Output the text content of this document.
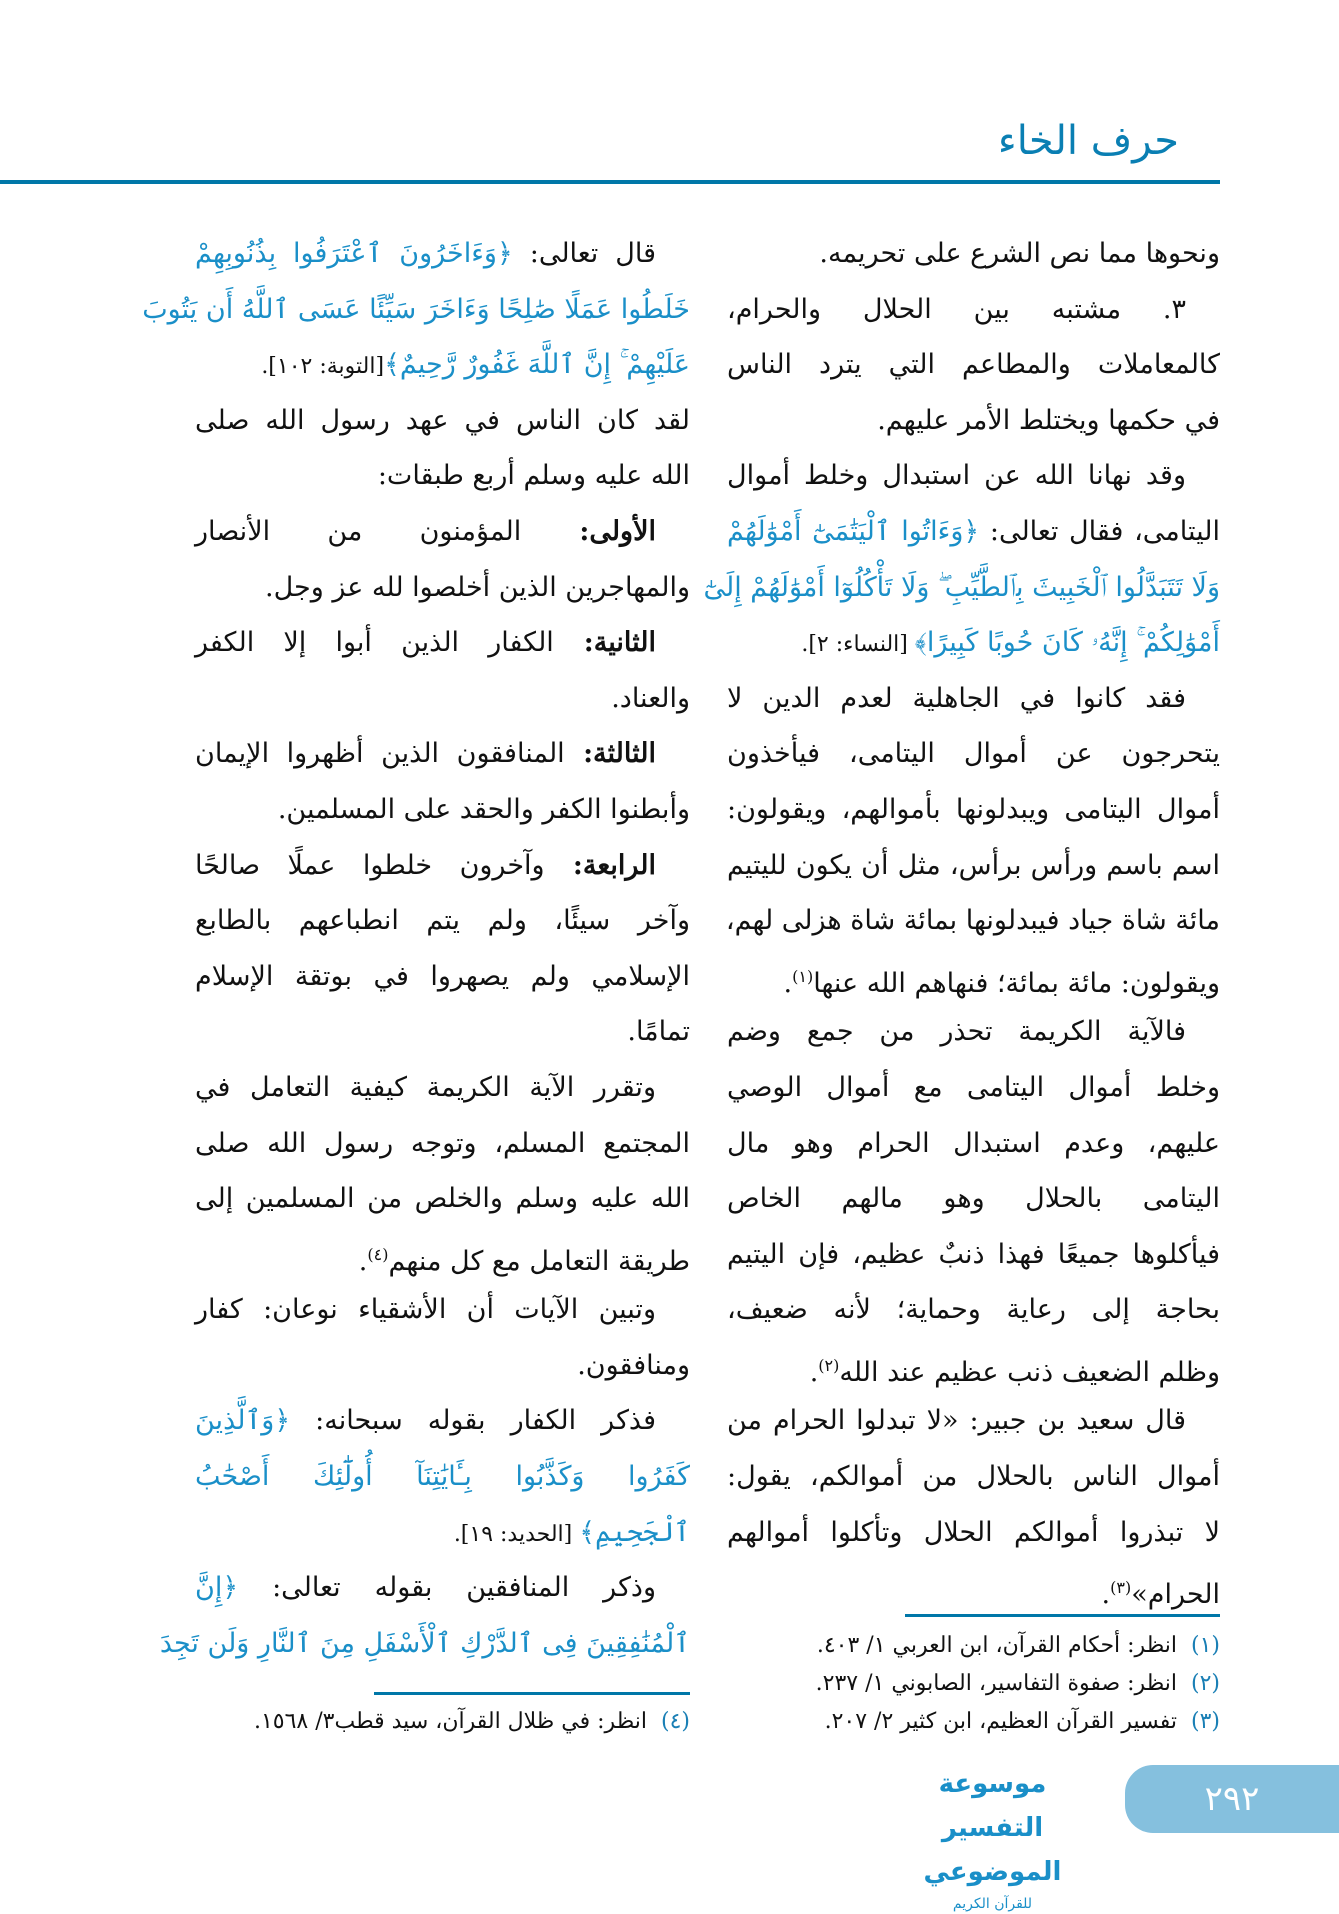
حرف الخاء
ونحوها مما نص الشرع على تحريمه.
٣. مشتبه بين الحلال والحرام،
كالمعاملات والمطاعم التي يترد الناس
في حكمها ويختلط الأمر عليهم.
وقد نهانا الله عن استبدال وخلط أموال
اليتامى، فقال تعالى: ﴿وَءَاتُوا ٱلْيَتَٰمَىٰٓ أَمْوَٰلَهُمْ
وَلَا تَتَبَدَّلُوا ٱلْخَبِيثَ بِٱلطَّيِّبِ ۖ وَلَا تَأْكُلُوٓا أَمْوَٰلَهُمْ إِلَىٰٓ
أَمْوَٰلِكُمْ ۚ إِنَّهُۥ كَانَ حُوبًا كَبِيرًا﴾ [النساء: ٢].
فقد كانوا في الجاهلية لعدم الدين لا
يتحرجون عن أموال اليتامى، فيأخذون
أموال اليتامى ويبدلونها بأموالهم، ويقولون:
اسم باسم ورأس برأس، مثل أن يكون لليتيم
مائة شاة جياد فيبدلونها بمائة شاة هزلى لهم،
ويقولون: مائة بمائة؛ فنهاهم الله عنها$^{(١)}$.
فالآية الكريمة تحذر من جمع وضم
وخلط أموال اليتامى مع أموال الوصي
عليهم، وعدم استبدال الحرام وهو مال
اليتامى بالحلال وهو مالهم الخاص
فيأكلوها جميعًا فهذا ذنبٌ عظيم، فإن اليتيم
بحاجة إلى رعاية وحماية؛ لأنه ضعيف،
وظلم الضعيف ذنب عظيم عند الله$^{(٢)}$.
قال سعيد بن جبير: «لا تبدلوا الحرام من
أموال الناس بالحلال من أموالكم، يقول:
لا تبذروا أموالكم الحلال وتأكلوا أموالهم
الحرام»$^{(٣)}$.
قال تعالى: ﴿وَءَاخَرُونَ ٱعْتَرَفُوا بِذُنُوبِهِمْ
خَلَطُوا عَمَلًا صَٰلِحًا وَءَاخَرَ سَيِّئًا عَسَى ٱللَّهُ أَن يَتُوبَ
عَلَيْهِمْ ۚ إِنَّ ٱللَّهَ غَفُورٌ رَّحِيمٌ﴾[التوبة: ١٠٢].
لقد كان الناس في عهد رسول الله صلى
الله عليه وسلم أربع طبقات:
الأولى: المؤمنون من الأنصار
والمهاجرين الذين أخلصوا لله عز وجل.
الثانية: الكفار الذين أبوا إلا الكفر
والعناد.
الثالثة: المنافقون الذين أظهروا الإيمان
وأبطنوا الكفر والحقد على المسلمين.
الرابعة: وآخرون خلطوا عملًا صالحًا
وآخر سيئًا، ولم يتم انطباعهم بالطابع
الإسلامي ولم يصهروا في بوتقة الإسلام
تمامًا.
وتقرر الآية الكريمة كيفية التعامل في
المجتمع المسلم، وتوجه رسول الله صلى
الله عليه وسلم والخلص من المسلمين إلى
طريقة التعامل مع كل منهم$^{(٤)}$.
وتبين الآيات أن الأشقياء نوعان: كفار
ومنافقون.
فذكر الكفار بقوله سبحانه: ﴿وَٱلَّذِينَ
كَفَرُوا وَكَذَّبُوا بِـَٔايَٰتِنَآ أُولَٰٓئِكَ أَصْحَٰبُ
ٱلْجَحِيمِ﴾ [الحديد: ١٩].
وذكر المنافقين بقوله تعالى: ﴿إِنَّ
ٱلْمُنَٰفِقِينَ فِى ٱلدَّرْكِ ٱلْأَسْفَلِ مِنَ ٱلنَّارِ وَلَن تَجِدَ	(١)انظر: أحكام القرآن، ابن العربي ١/ ٤٠٣.
(٢)انظر: صفوة التفاسير، الصابوني ١/ ٢٣٧.
(٣)تفسير القرآن العظيم، ابن كثير ٢/ ٢٠٧.
(٤)انظر: في ظلال القرآن، سيد قطب٣/ ١٥٦٨.
موسوعة التفسير الموضوعي
للقرآن الكريم
٢٩٢
